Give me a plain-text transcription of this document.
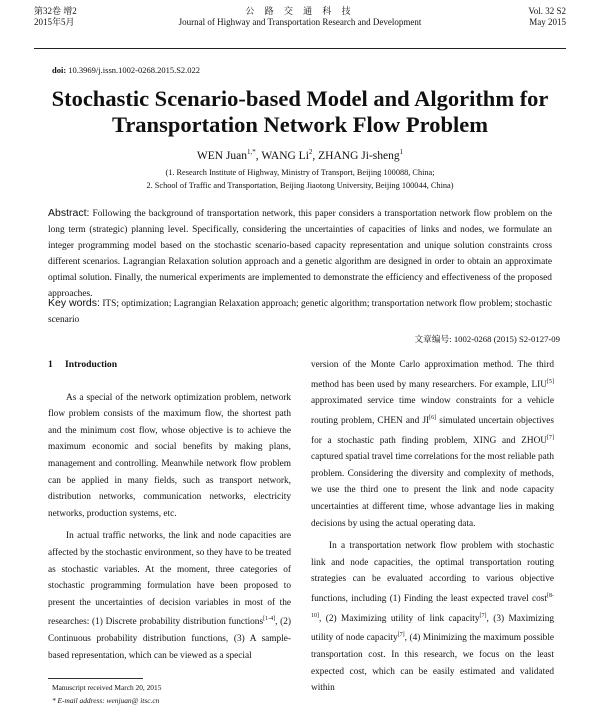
第32卷 增2
2015年5月
公 路 交 通 科 技
Journal of Highway and Transportation Research and Development
Vol. 32 S2
May 2015
doi: 10.3969/j.issn.1002-0268.2015.S2.022
Stochastic Scenario-based Model and Algorithm for
Transportation Network Flow Problem
WEN Juan$^{1,*}$, WANG Li$^2$, ZHANG Ji-sheng$^1$
(1. Research Institute of Highway, Ministry of Transport, Beijing 100088, China;
2. School of Traffic and Transportation, Beijing Jiaotong University, Beijing 100044, China)
Abstract: Following the background of transportation network, this paper considers a transportation network flow problem on the long term (strategic) planning level. Specifically, considering the uncertainties of capacities of links and nodes, we formulate an integer programming model based on the stochastic scenario-based capacity representation and unique solution constraints cross different scenarios. Lagrangian Relaxation solution approach and a genetic algorithm are designed in order to obtain an approximate optimal solution. Finally, the numerical experiments are implemented to demonstrate the efficiency and effectiveness of the proposed approaches.
Key words: ITS; optimization; Lagrangian Relaxation approach; genetic algorithm; transportation network flow problem; stochastic scenario
文章编号: 1002-0268 (2015) S2-0127-09

1 Introduction

As a special of the network optimization problem, network flow problem consists of the maximum flow, the shortest path and the minimum cost flow, whose objective is to achieve the maximum economic and social benefits by making plans, management and controlling. Meanwhile network flow problem can be applied in many fields, such as transport network, distribution networks, communication networks, electricity networks, production systems, etc.

In actual traffic networks, the link and node capacities are affected by the stochastic environment, so they have to be treated as stochastic variables. At the moment, three categories of stochastic programming formulation have been proposed to present the uncertainties of decision variables in most of the researches: (1) Discrete probability distribution functions[1-4], (2) Continuous probability distribution functions, (3) A sample-based representation, which can be viewed as a special

version of the Monte Carlo approximation method. The third method has been used by many researchers. For example, LIU[5] approximated service time window constraints for a vehicle routing problem, CHEN and JI[6] simulated uncertain objectives for a stochastic path finding problem, XING and ZHOU[7] captured spatial travel time correlations for the most reliable path problem. Considering the diversity and complexity of methods, we use the third one to present the link and node capacity uncertainties at different time, whose advantage lies in making decisions by using the actual operating data.

In a transportation network flow problem with stochastic link and node capacities, the optimal transportation routing strategies can be evaluated according to various objective functions, including (1) Finding the least expected travel cost[8-10], (2) Maximizing utility of link capacity[7], (3) Maximizing utility of node capacity[7], (4) Minimizing the maximum possible transportation cost. In this research, we focus on the least expected cost, which can be easily estimated and validated within

Manuscript received March 20, 2015
* E-mail address: wenjuan@ itsc.cn
